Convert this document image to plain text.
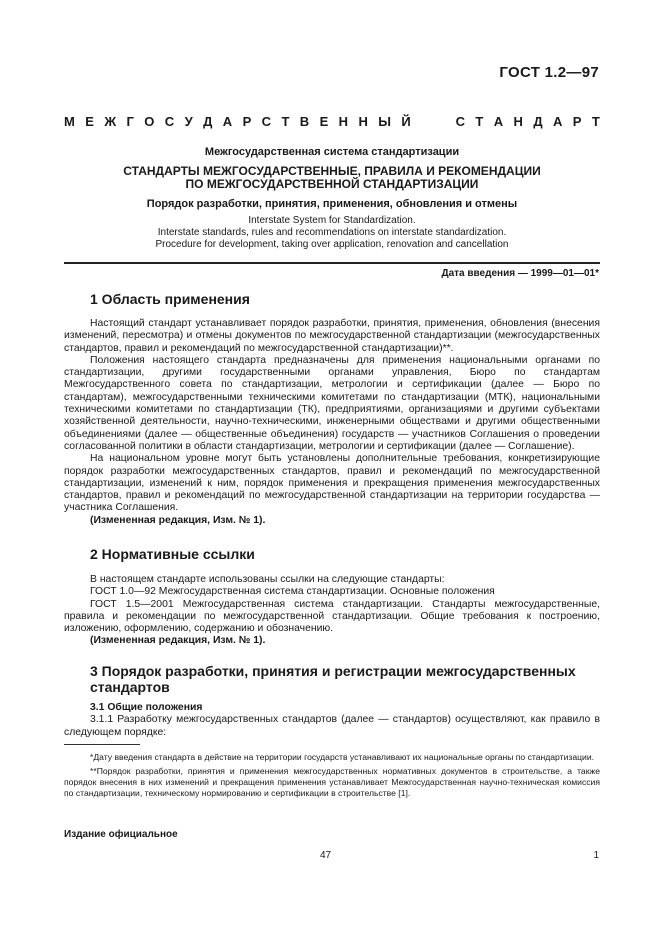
ГОСТ 1.2—97
М Е Ж Г О С У Д А Р С Т В Е Н Н Ы Й	С Т А Н Д А Р Т
Межгосударственная система стандартизации
СТАНДАРТЫ МЕЖГОСУДАРСТВЕННЫЕ, ПРАВИЛА И РЕКОМЕНДАЦИИ
ПО МЕЖГОСУДАРСТВЕННОЙ СТАНДАРТИЗАЦИИ
Порядок разработки, принятия, применения, обновления и отмены
Interstate System for Standardization.
Interstate standards, rules and recommendations on interstate standardization.
Procedure for development, taking over application, renovation and cancellation
Дата введения — 1999—01—01*
1 Область применения

Настоящий стандарт устанавливает порядок разработки, принятия, применения, обновления (внесения изменений, пересмотра) и отмены документов по межгосударственной стандартизации (межгосударственных стандартов, правил и рекомендаций по межгосударственной стандартизации)**.

Положения настоящего стандарта предназначены для применения национальными органами по стандартизации, другими государственными органами управления, Бюро по стандартам Межгосударственного совета по стандартизации, метрологии и сертификации (далее — Бюро по стандартам), межгосударственными техническими комитетами по стандартизации (МТК), национальными техническими комитетами по стандартизации (ТК), предприятиями, организациями и другими субъектами хозяйственной деятельности, научно-техническими, инженерными обществами и другими общественными объединениями (далее — общественные объединения) государств — участников Соглашения о проведении согласованной политики в области стандартизации, метрологии и сертификации (далее — Соглашение).

На национальном уровне могут быть установлены дополнительные требования, конкретизирующие порядок разработки межгосударственных стандартов, правил и рекомендаций по межгосударственной стандартизации, изменений к ним, порядок применения и прекращения применения межгосударственных стандартов, правил и рекомендаций по межгосударственной стандартизации на территории государства — участника Соглашения.

(Измененная редакция, Изм. № 1).

2 Нормативные ссылки

В настоящем стандарте использованы ссылки на следующие стандарты:

ГОСТ 1.0—92 Межгосударственная система стандартизации. Основные положения

ГОСТ 1.5—2001 Межгосударственная система стандартизации. Стандарты межгосударственные, правила и рекомендации по межгосударственной стандартизации. Общие требования к построению, изложению, оформлению, содержанию и обозначению.

(Измененная редакция, Изм. № 1).

3 Порядок разработки, принятия и регистрации межгосударственных стандартов

3.1 Общие положения

3.1.1 Разработку межгосударственных стандартов (далее — стандартов) осуществляют, как правило в следующем порядке:

*Дату введения стандарта в действие на территории государств устанавливают их национальные органы по стандартизации.

**Порядок разработки, принятия и применения межгосударственных нормативных документов в строительстве, а также порядок внесения в них изменений и прекращения применения устанавливает Межгосударственная научно-техническая комиссия по стандартизации, техническому нормированию и сертификации в строительстве [1].

Издание официальное
47	1
